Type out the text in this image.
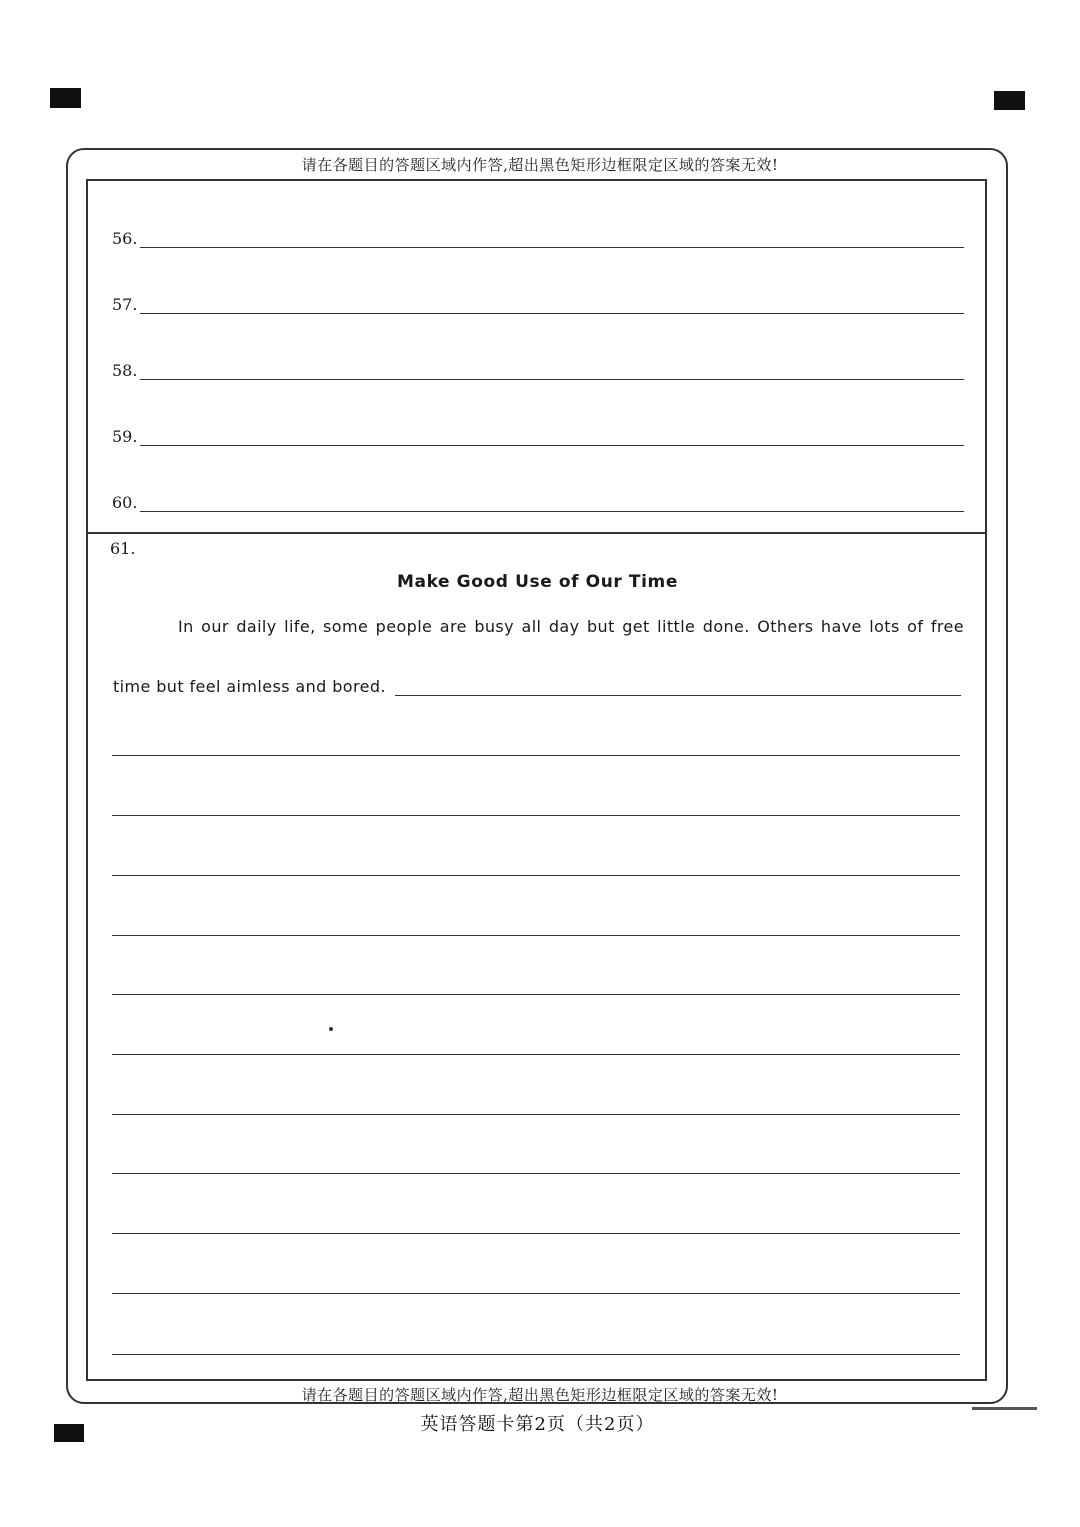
请在各题目的答题区域内作答,超出黑色矩形边框限定区域的答案无效!
请在各题目的答题区域内作答,超出黑色矩形边框限定区域的答案无效!
56.
57.
58.
59.
60.
61.
Make Good Use of Our Time
In our daily life, some people are busy all day but get little done. Others have lots of free
time but feel aimless and bored.
英语答题卡第2页（共2页）
